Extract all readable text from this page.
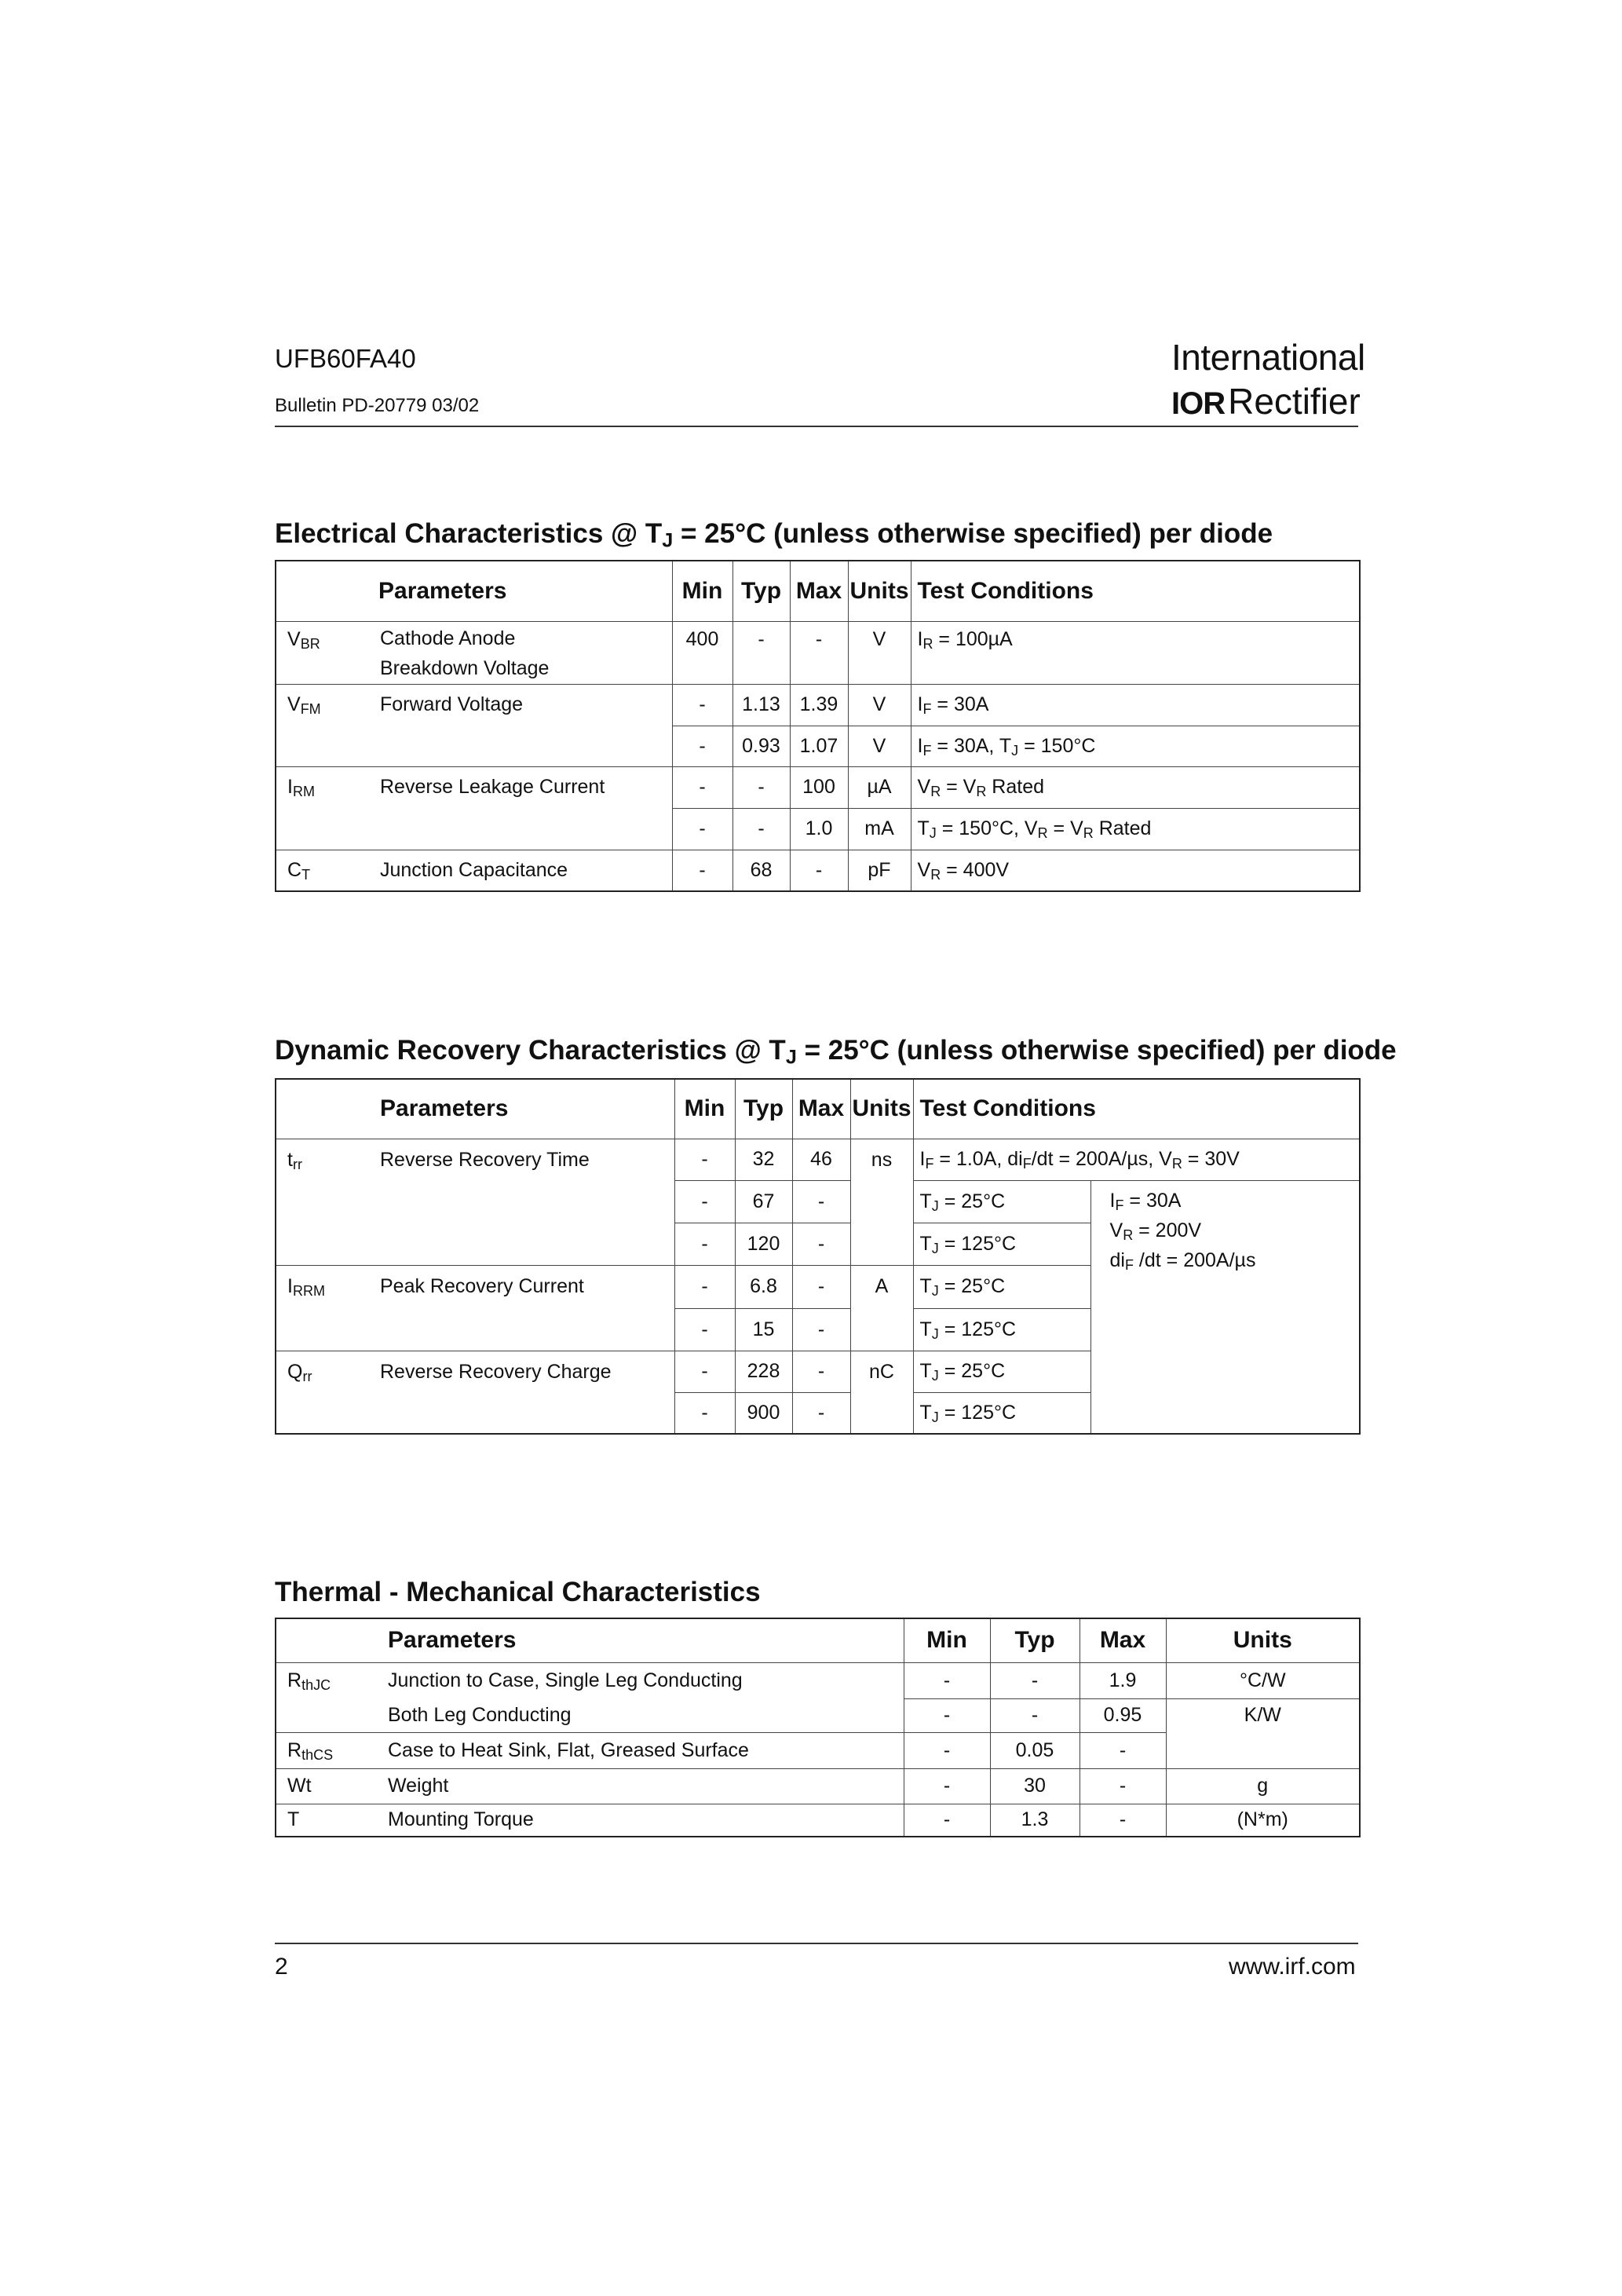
UFB60FA40
Bulletin PD-20779 03/02
International
IORRectifier
Electrical Characteristics @ $T_J = 25^\circ C$ (unless otherwise specified) per diode
	Parameters	Min	Typ	Max	Units	Test Conditions
$V_{BR}$	Cathode Anode
Breakdown Voltage	400	-	-	V	$I_R = 100\mu A$
$V_{FM}$	Forward Voltage	-	1.13	1.39	V	$I_F = 30A$
		-	0.93	1.07	V	$I_F = 30A$, $T_J = 150^\circ C$
$I_{RM}$	Reverse Leakage Current	-	-	100	µA	$V_R = V_R$ Rated
		-	-	1.0	mA	$T_J = 150^\circ C$, $V_R = V_R$ Rated
$C_T$	Junction Capacitance	-	68	-	pF	$V_R = 400V$
Dynamic Recovery Characteristics @ $T_J = 25^\circ C$ (unless otherwise specified) per diode
	Parameters	Min	Typ	Max	Units	Test Conditions	
$t_{rr}$	Reverse Recovery Time	-	32	46	ns	$I_F = 1.0A$, $di_F/dt = 200A/\mu s$, $V_R = 30V$	
		-	67	-		$T_J = 25^\circ C$	$I_F = 30A$
$V_R = 200V$
$di_F$ /dt = 200A/µs
		-	120	-		$T_J = 125^\circ C$	
$I_{RRM}$	Peak Recovery Current	-	6.8	-	A	$T_J = 25^\circ C$	
		-	15	-		$T_J = 125^\circ C$	
$Q_{rr}$	Reverse Recovery Charge	-	228	-	nC	$T_J = 25^\circ C$	
		-	900	-		$T_J = 125^\circ C$	
Thermal - Mechanical Characteristics
	Parameters	Min	Typ	Max	Units
$R_{thJC}$	Junction to Case, Single Leg Conducting	-	-	1.9	°C/W
	Both Leg Conducting	-	-	0.95	K/W
$R_{thCS}$	Case to Heat Sink, Flat, Greased Surface	-	0.05	-	
Wt	Weight	-	30	-	g
T	Mounting Torque	-	1.3	-	(N*m)
2	www.irf.com
